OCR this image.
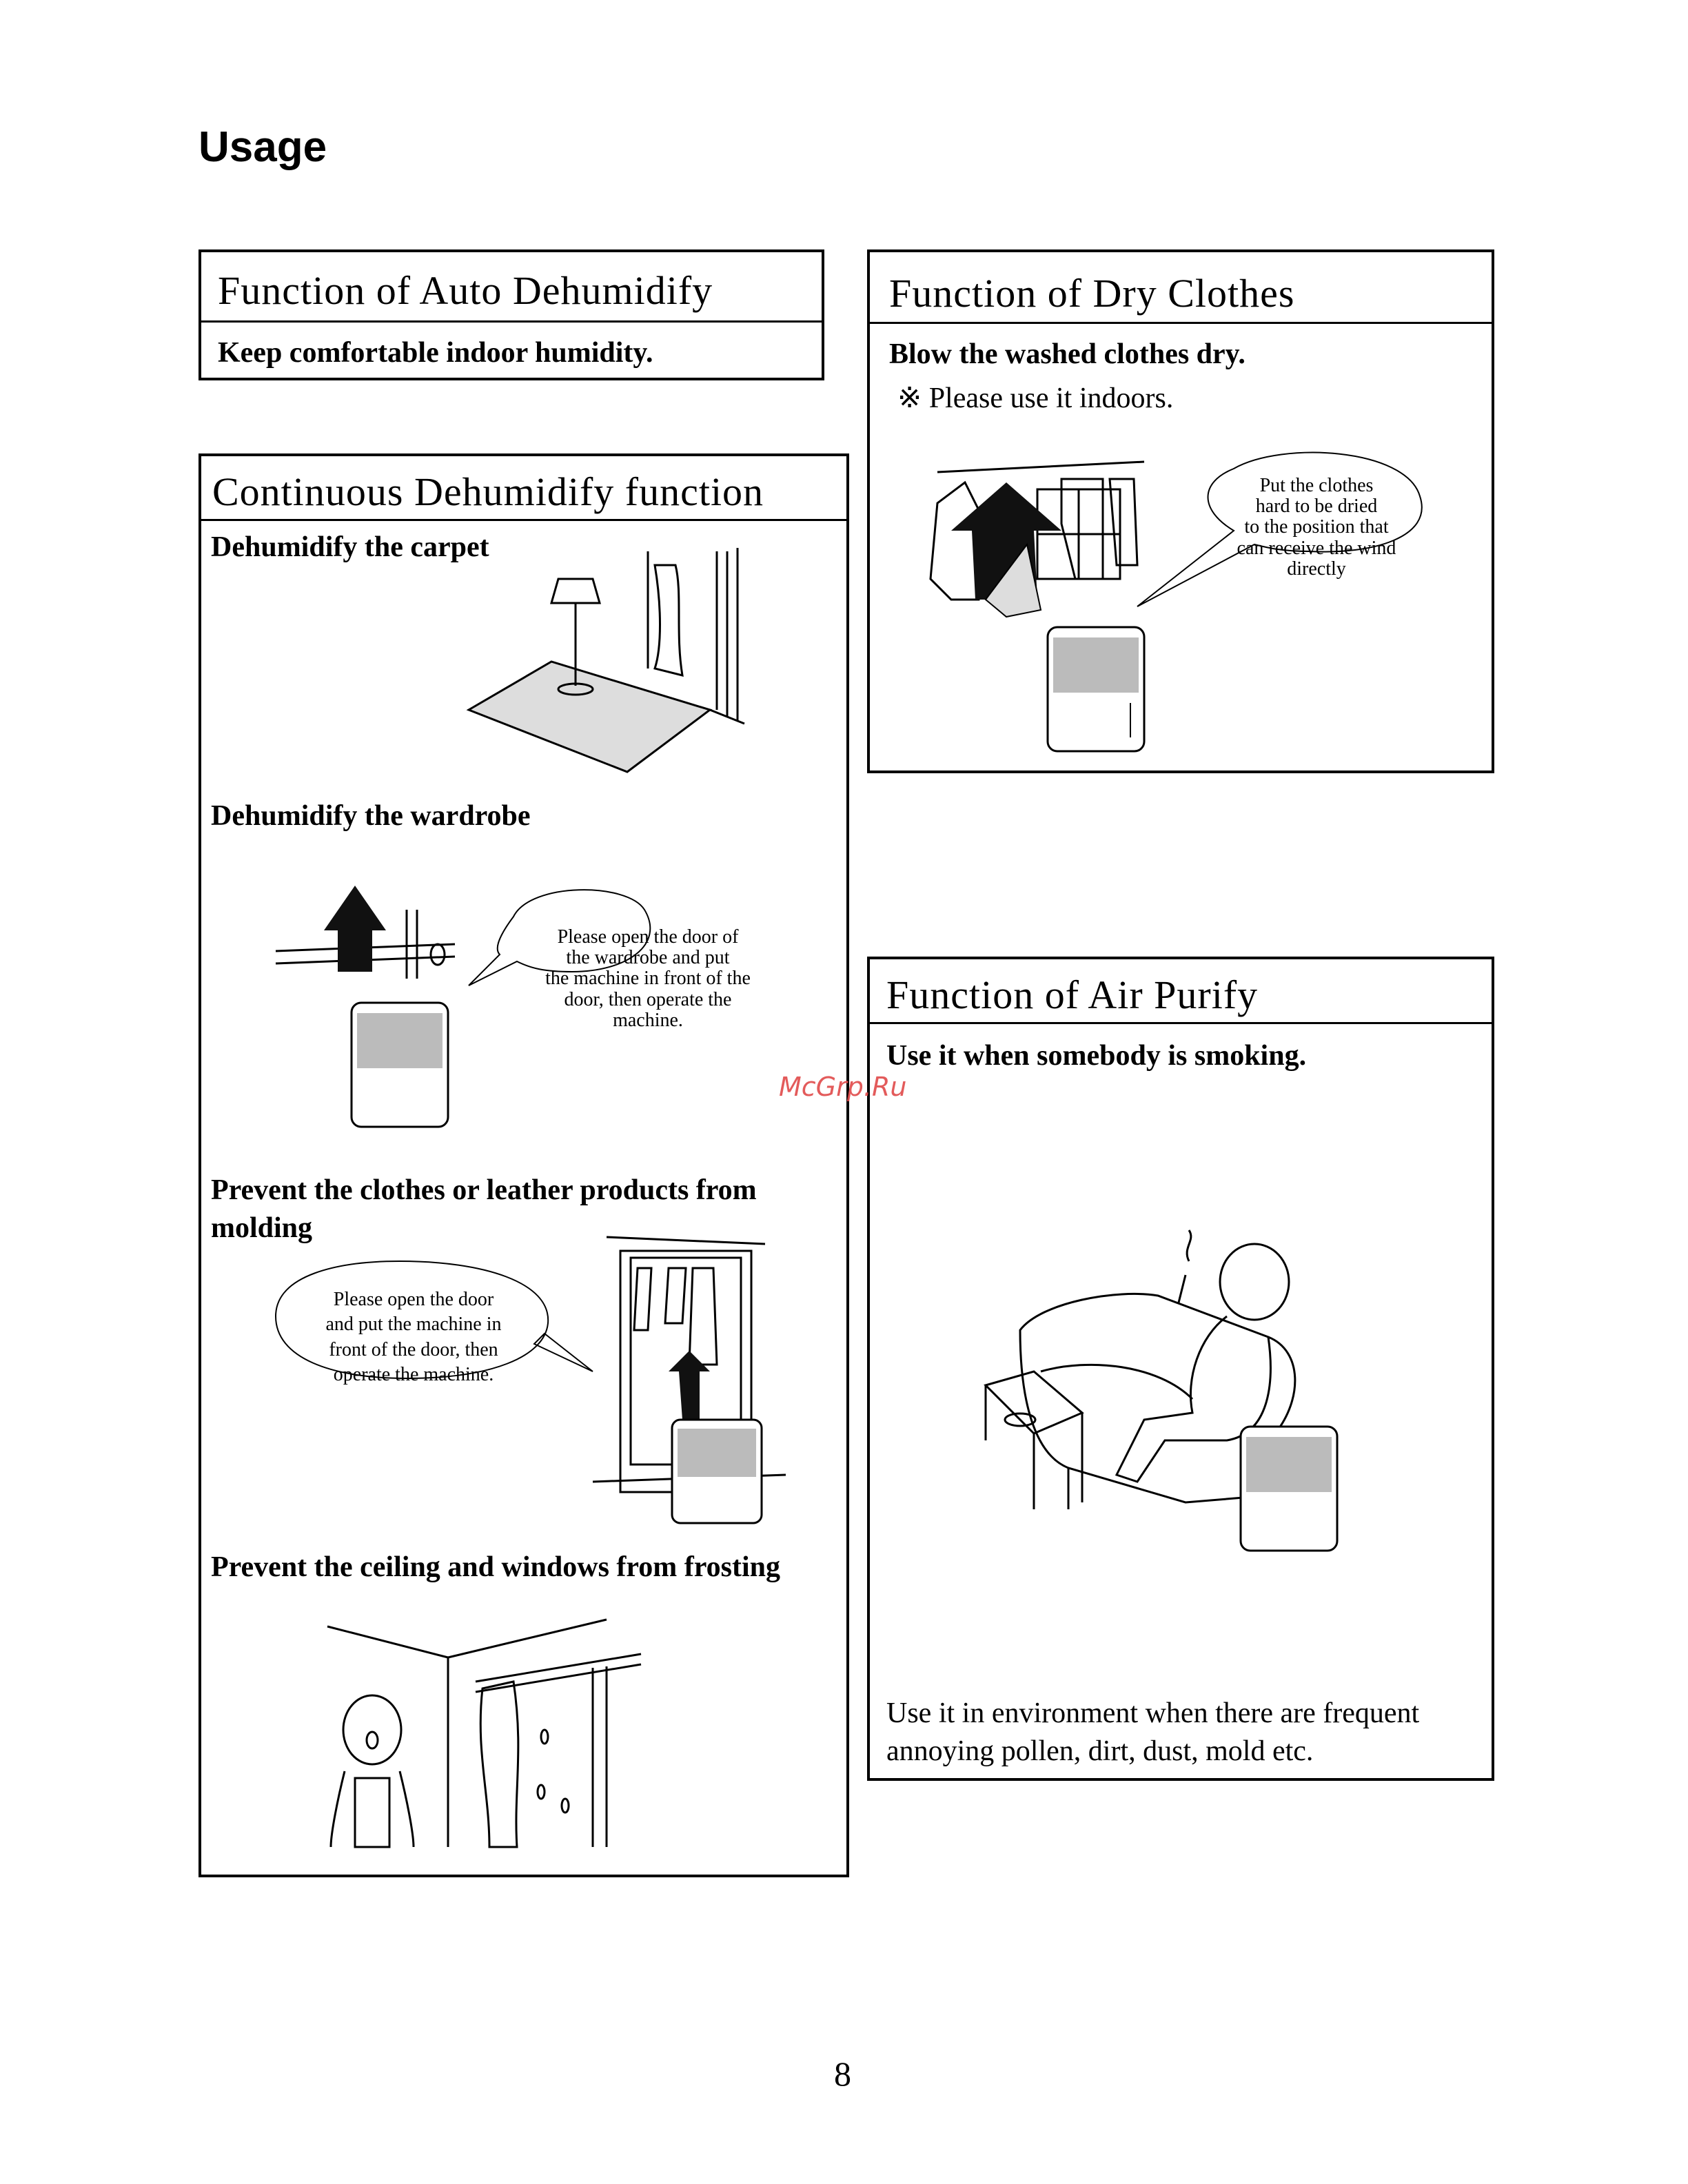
Usage
Function of Auto Dehumidify
Keep comfortable indoor humidity.
Function of Dry Clothes
Blow the washed clothes dry.
※ Please use it indoors.
Put the clothes
hard to be dried
to the position that
can receive the wind
directly
Continuous Dehumidify function
Dehumidify the carpet
Dehumidify the wardrobe
Please open the door of
the wardrobe and put
the machine in front of the
door, then operate the
machine.
Prevent the clothes or leather products from
molding
Please open the door
and put the machine in
front of the door, then
operate the machine.
Prevent the ceiling and windows from frosting
Function of Air Purify
Use it when somebody is smoking.
Use it in environment when there are frequent
annoying pollen, dirt, dust, mold etc.
McGrp.Ru
8
